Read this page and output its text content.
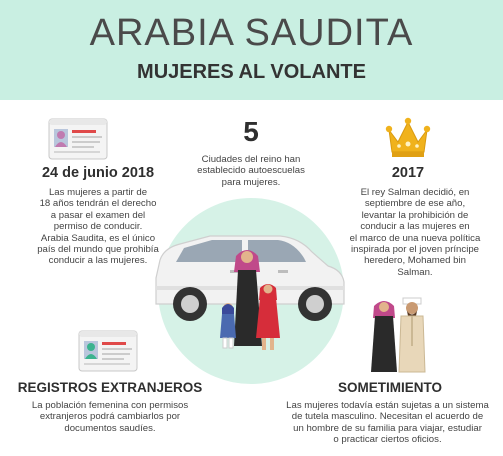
ARABIA SAUDITA
MUJERES AL VOLANTE
24 de junio 2018
Las mujeres a partir de
18 años tendrán el derecho
a pasar el examen del
permiso de conducir.
Arabia Saudita, es el único
país del mundo que prohibía
conducir a las mujeres.
5
Ciudades del reino han
establecido autoescuelas
para mujeres.
2017
El rey Salman decidió, en
septiembre de ese año,
levantar la prohibición de
conducir a las mujeres en
el marco de una nueva política
inspirada por el joven príncipe
heredero, Mohamed bin
Salman.
REGISTROS EXTRANJEROS
La población femenina con permisos
extranjeros podrá cambiarlos por
documentos saudíes.
SOMETIMIENTO
Las mujeres todavía están sujetas a un sistema
de tutela masculino. Necesitan el acuerdo de
un hombre de su familia para viajar, estudiar
o practicar ciertos oficios.
